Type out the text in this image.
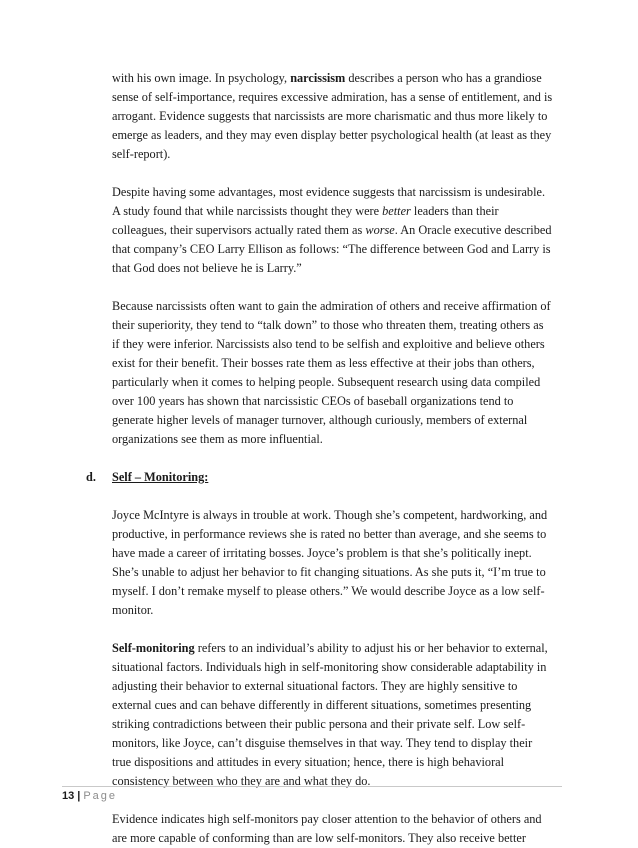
with his own image. In psychology, narcissism describes a person who has a grandiose
sense of self-importance, requires excessive admiration, has a sense of entitlement, and is
arrogant. Evidence suggests that narcissists are more charismatic and thus more likely to
emerge as leaders, and they may even display better psychological health (at least as they
self-report).
Despite having some advantages, most evidence suggests that narcissism is undesirable.
A study found that while narcissists thought they were better leaders than their
colleagues, their supervisors actually rated them as worse. An Oracle executive described
that company’s CEO Larry Ellison as follows: “The difference between God and Larry is
that God does not believe he is Larry.”
Because narcissists often want to gain the admiration of others and receive affirmation of
their superiority, they tend to “talk down” to those who threaten them, treating others as
if they were inferior. Narcissists also tend to be selfish and exploitive and believe others
exist for their benefit. Their bosses rate them as less effective at their jobs than others,
particularly when it comes to helping people. Subsequent research using data compiled
over 100 years has shown that narcissistic CEOs of baseball organizations tend to
generate higher levels of manager turnover, although curiously, members of external
organizations see them as more influential.
d. Self – Monitoring:
Joyce McIntyre is always in trouble at work. Though she’s competent, hardworking, and
productive, in performance reviews she is rated no better than average, and she seems to
have made a career of irritating bosses. Joyce’s problem is that she’s politically inept.
She’s unable to adjust her behavior to fit changing situations. As she puts it, “I’m true to
myself. I don’t remake myself to please others.” We would describe Joyce as a low self-
monitor.
Self-monitoring refers to an individual’s ability to adjust his or her behavior to external,
situational factors. Individuals high in self-monitoring show considerable adaptability in
adjusting their behavior to external situational factors. They are highly sensitive to
external cues and can behave differently in different situations, sometimes presenting
striking contradictions between their public persona and their private self. Low self-
monitors, like Joyce, can’t disguise themselves in that way. They tend to display their
true dispositions and attitudes in every situation; hence, there is high behavioral
consistency between who they are and what they do.
Evidence indicates high self-monitors pay closer attention to the behavior of others and
are more capable of conforming than are low self-monitors. They also receive better
13 | Page
